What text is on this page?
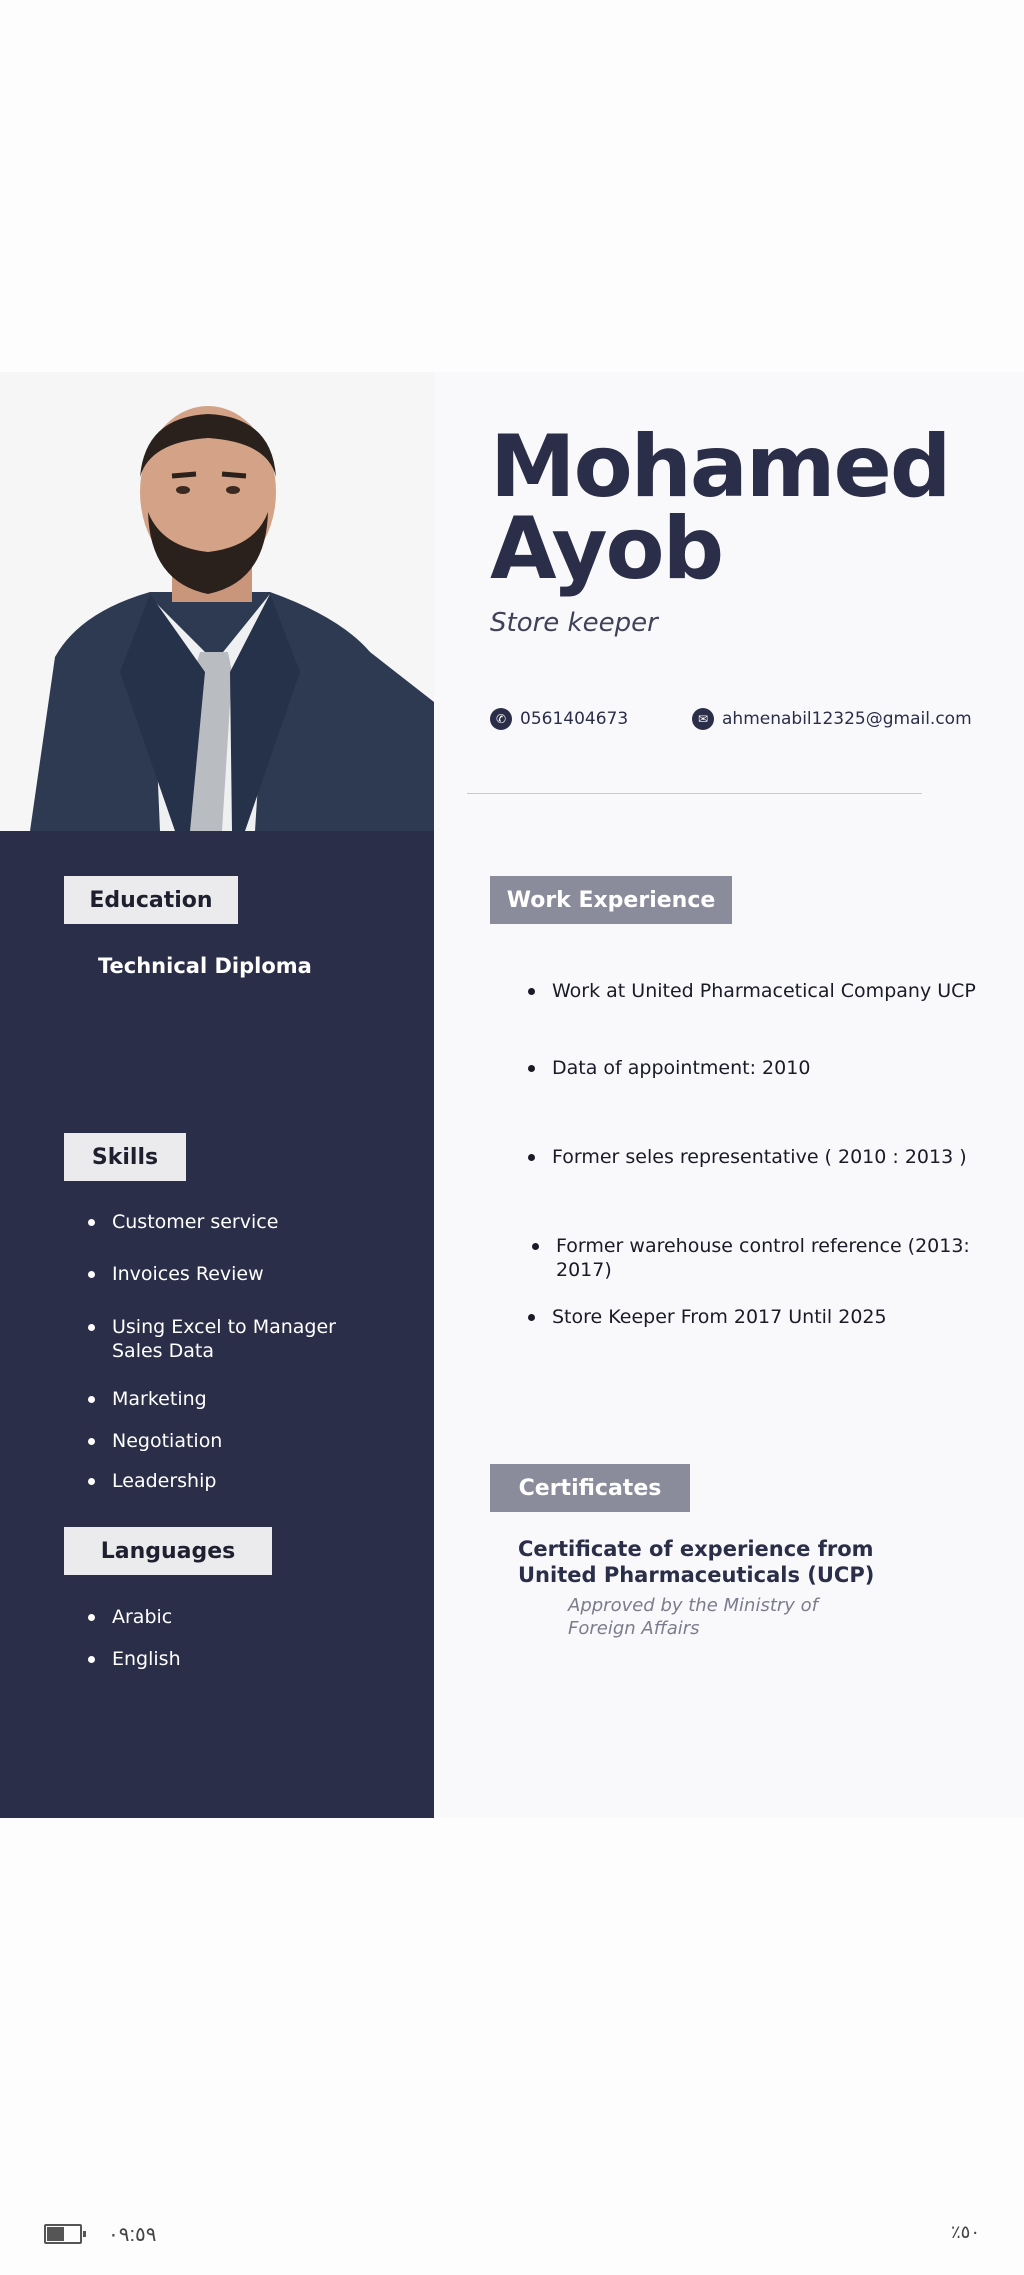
Mohamed
Ayob
Store keeper
✆ 0561404673	✉ ahmenabil12325@gmail.com
Education
Technical Diploma
Skills
Customer service
Invoices Review
Using Excel to Manager Sales Data
Marketing
Negotiation
Leadership
Languages
Arabic
English
Work Experience
Work at United Pharmacetical Company UCP
Data of appointment: 2010
Former seles representative ( 2010 : 2013 )
Former warehouse control reference (2013: 2017)
Store Keeper From 2017 Until 2025
Certificates
Certificate of experience from United Pharmaceuticals (UCP)
Approved by the Ministry of Foreign Affairs
٠٩:٥٩	٪٥٠
